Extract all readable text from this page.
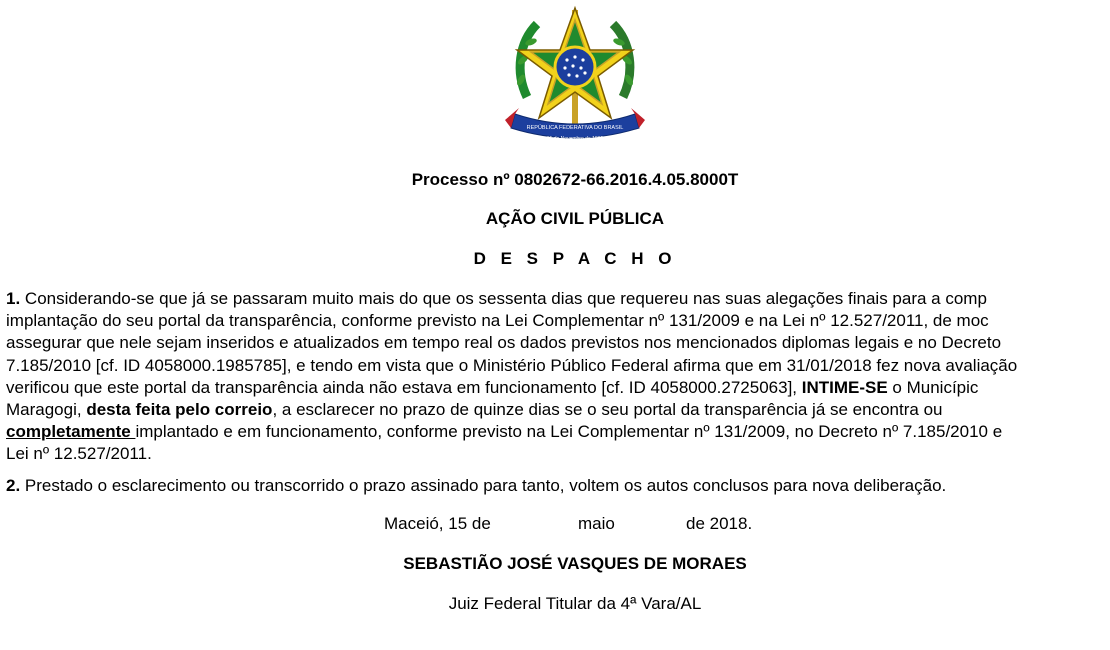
REPÚBLICA FEDERATIVA DO BRASIL
15 de Novembro de 1889
Processo nº 0802672-66.2016.4.05.8000T
AÇÃO CIVIL PÚBLICA
D E S P A C H O
1. Considerando-se que já se passaram muito mais do que os sessenta dias que requereu nas suas alegações finais para a comp
implantação do seu portal da transparência, conforme previsto na Lei Complementar nº 131/2009 e na Lei nº 12.527/2011, de moc
assegurar que nele sejam inseridos e atualizados em tempo real os dados previstos nos mencionados diplomas legais e no Decreto
7.185/2010 [cf. ID 4058000.1985785], e tendo em vista que o Ministério Público Federal afirma que em 31/01/2018 fez nova avaliação
verificou que este portal da transparência ainda não estava em funcionamento [cf. ID 4058000.2725063], INTIME-SE o Municípic
Maragogi, desta feita pelo correio, a esclarecer no prazo de quinze dias se o seu portal da transparência já se encontra ou
completamente implantado e em funcionamento, conforme previsto na Lei Complementar nº 131/2009, no Decreto nº 7.185/2010 e
Lei nº 12.527/2011.
2. Prestado o esclarecimento ou transcorrido o prazo assinado para tanto, voltem os autos conclusos para nova deliberação.
Maceió, 15 de	maio	de 2018.
SEBASTIÃO JOSÉ VASQUES DE MORAES
Juiz Federal Titular da 4ª Vara/AL
